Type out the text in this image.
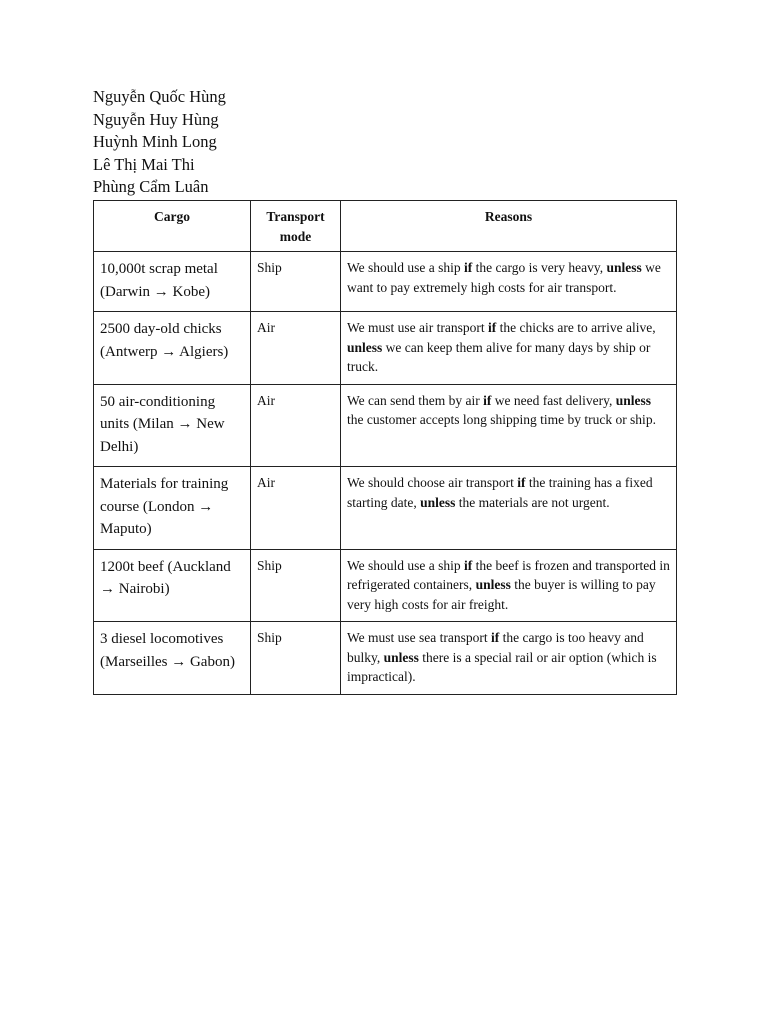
Nguyễn Quốc Hùng
Nguyễn Huy Hùng
Huỳnh Minh Long
Lê Thị Mai Thi
Phùng Cẩm Luân
Cargo	Transport mode	Reasons

10,000t scrap metal (Darwin → Kobe)	Ship	We should use a ship if the cargo is very heavy, unless we want to pay extremely high costs for air transport.

2500 day-old chicks (Antwerp → Algiers)	Air	We must use air transport if the chicks are to arrive alive, unless we can keep them alive for many days by ship or truck.

50 air-conditioning units (Milan → New Delhi)	Air	We can send them by air if we need fast delivery, unless the customer accepts long shipping time by truck or ship.

Materials for training course (London → Maputo)	Air	We should choose air transport if the training has a fixed starting date, unless the materials are not urgent.

1200t beef (Auckland → Nairobi)	Ship	We should use a ship if the beef is frozen and transported in refrigerated containers, unless the buyer is willing to pay very high costs for air freight.

3 diesel locomotives (Marseilles → Gabon)	Ship	We must use sea transport if the cargo is too heavy and bulky, unless there is a special rail or air option (which is impractical).
